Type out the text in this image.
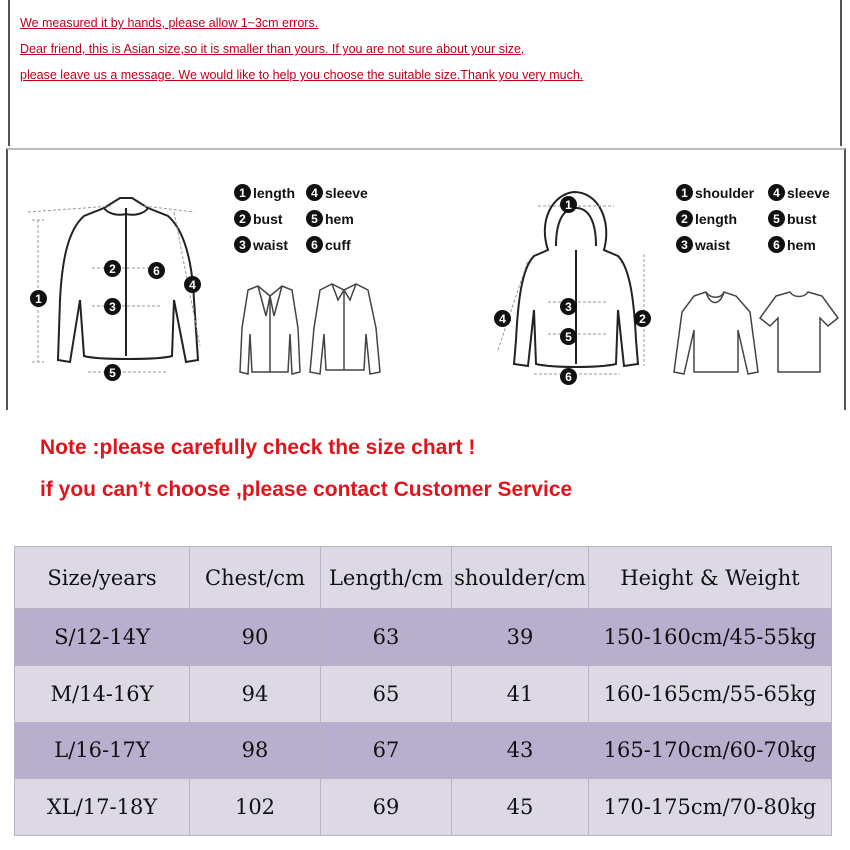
We measured it by hands, please allow 1~3cm errors.
Dear friend, this is Asian size,so it is smaller than yours. If you are not sure about your size,
please leave us a message. We would like to help you choose the suitable size.Thank you very much.
1
2
3
4
5
6
1
2
3
4
5
6
1 length	4 sleeve
2 bust	5 hem
3 waist	6 cuff
1 shoulder	4 sleeve
2 length	5 bust
3 waist	6 hem
Note :please carefully check the size chart !
if you can’t choose ,please contact Customer Service
Size/years	Chest/cm	Length/cm	shoulder/cm	Height & Weight
S/12-14Y	90	63	39	150-160cm/45-55kg
M/14-16Y	94	65	41	160-165cm/55-65kg
L/16-17Y	98	67	43	165-170cm/60-70kg
XL/17-18Y	102	69	45	170-175cm/70-80kg
